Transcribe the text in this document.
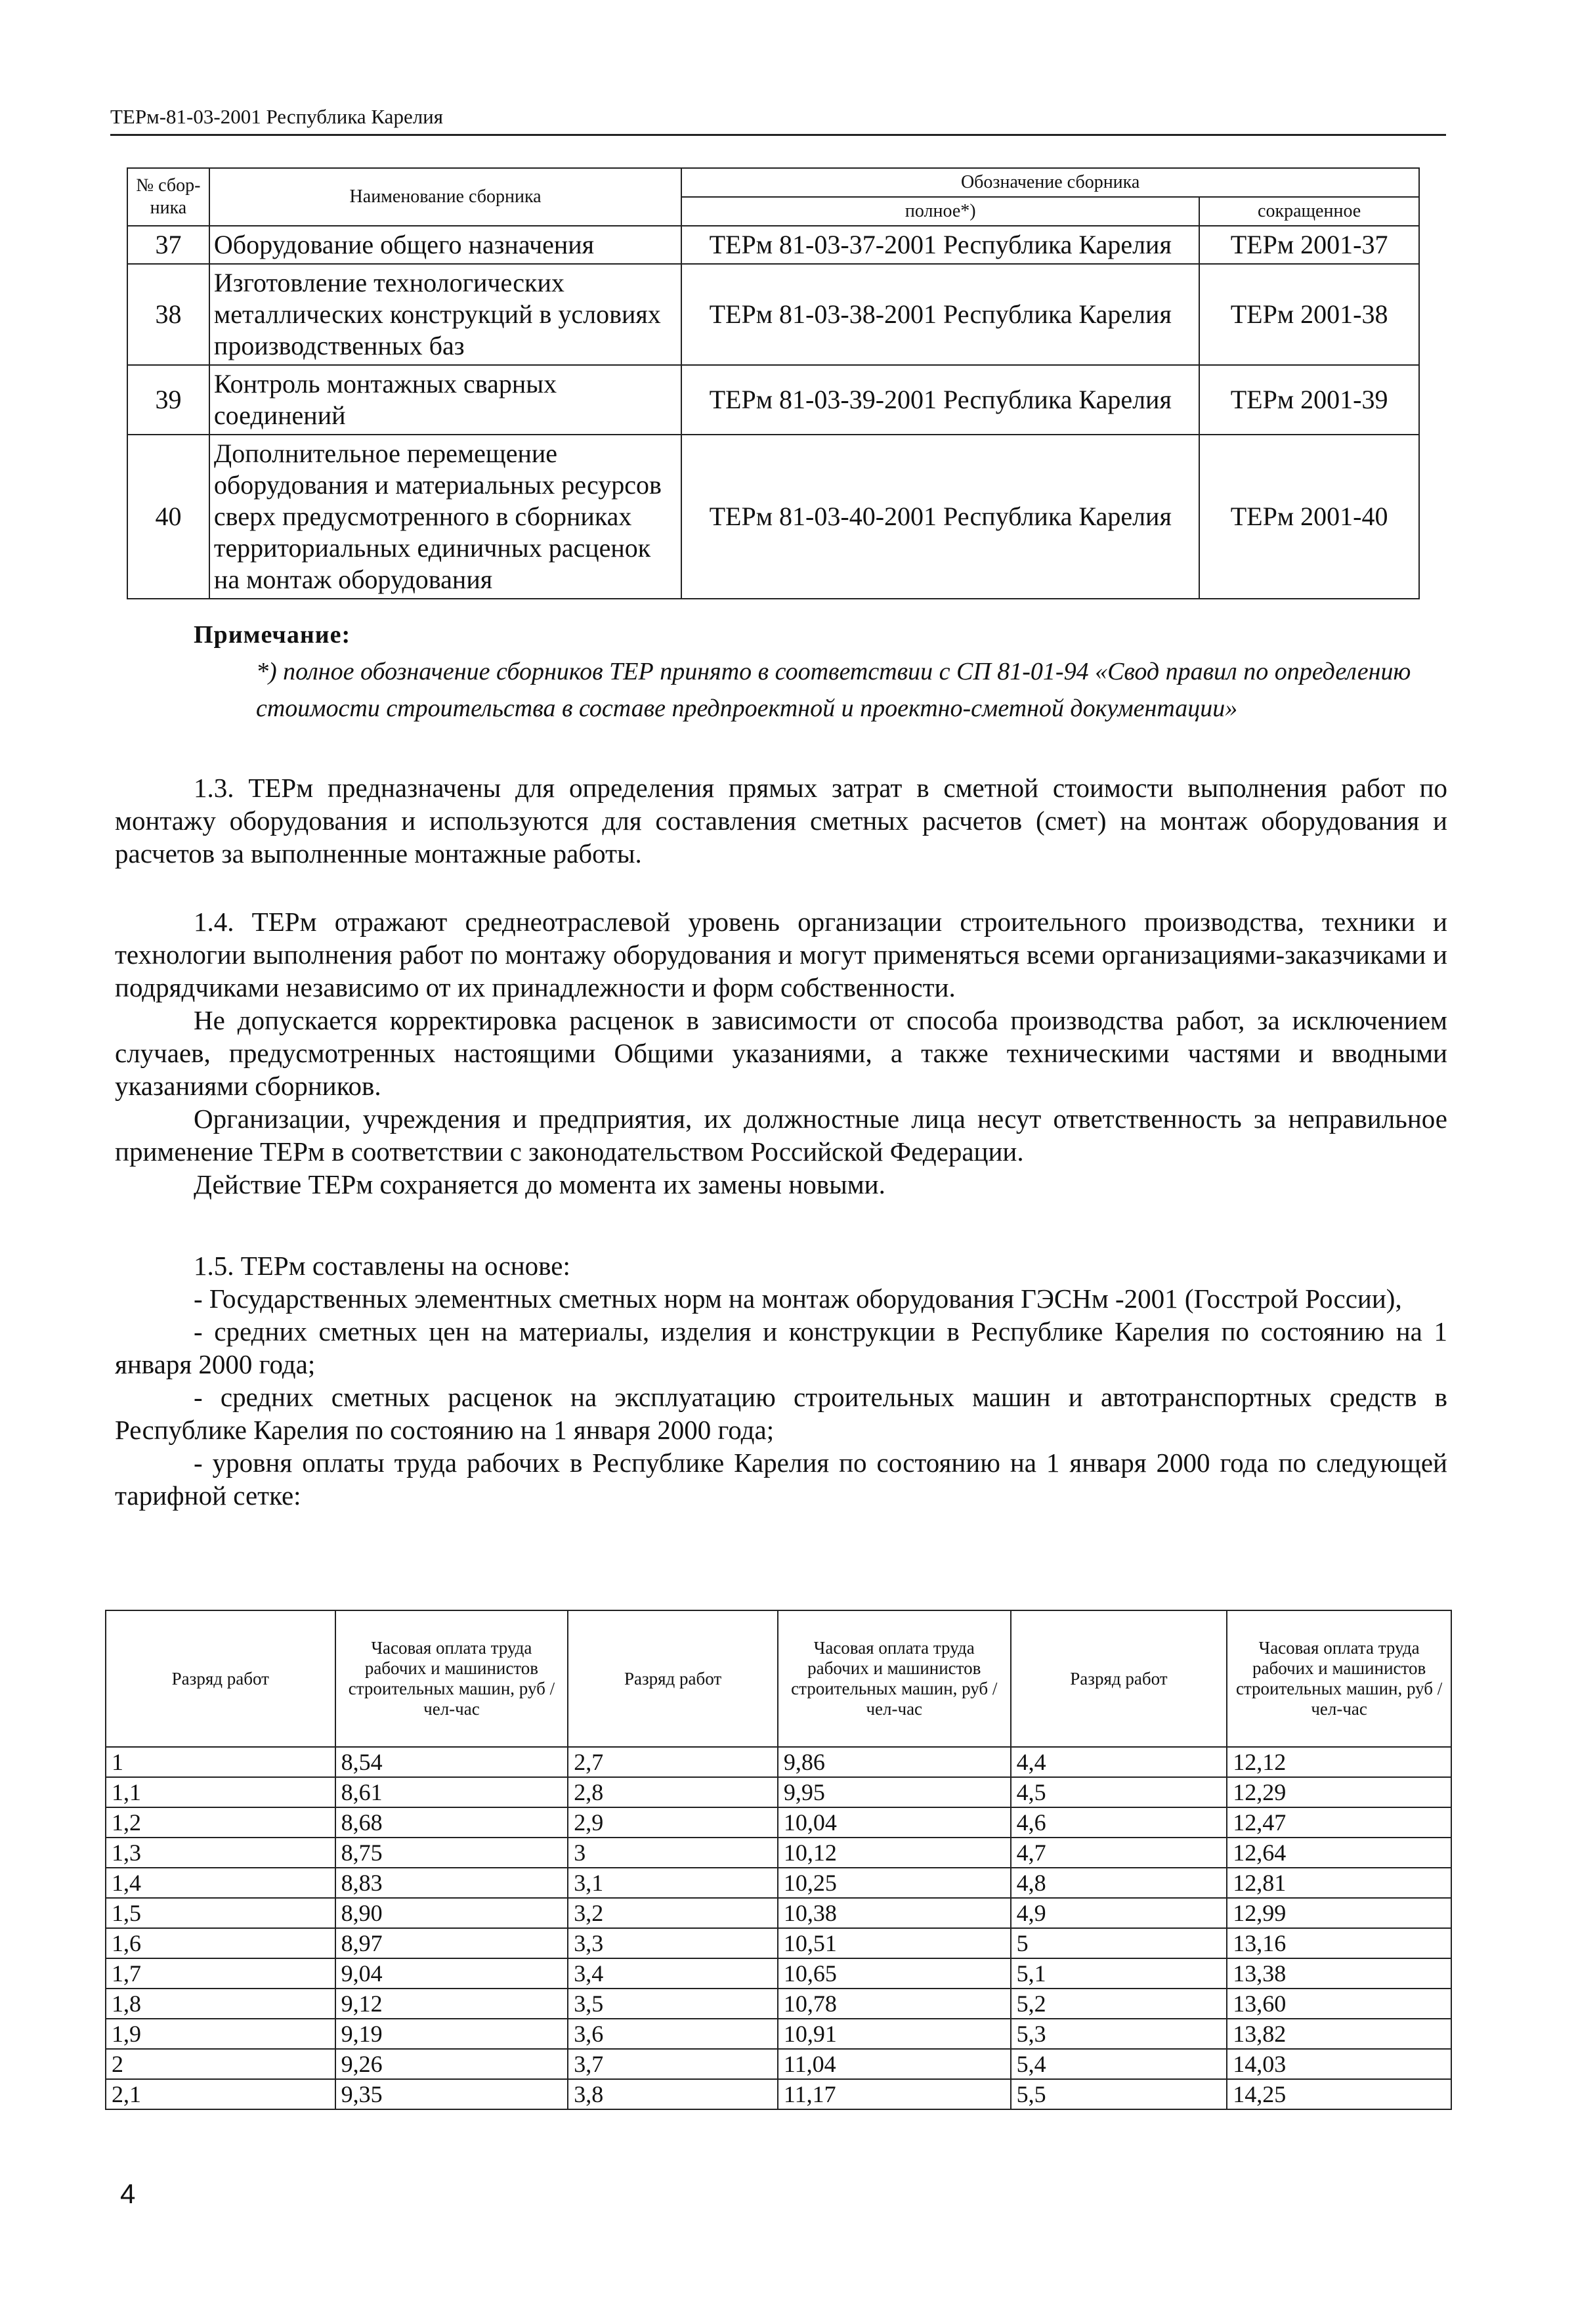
ТЕРм-81-03-2001 Республика Карелия
№ сбор-ника	Наименование сборника	Обозначение сборника	
		полное*)	сокращенное
37	Оборудование общего назначения	ТЕРм 81-03-37-2001 Республика Карелия	ТЕРм 2001-37
38	Изготовление технологических металлических конструкций в условиях производственных баз	ТЕРм 81-03-38-2001 Республика Карелия	ТЕРм 2001-38
39	Контроль монтажных сварных соединений	ТЕРм 81-03-39-2001 Республика Карелия	ТЕРм 2001-39
40	Дополнительное перемещение оборудования и материальных ресурсов сверх предусмотренного в сборниках территориальных единичных расценок на монтаж оборудования	ТЕРм 81-03-40-2001 Республика Карелия	ТЕРм 2001-40
Примечание:
*) полное обозначение сборников ТЕР принято в соответствии с СП 81-01-94 «Свод правил по определению стоимости строительства в составе предпроектной и проектно-сметной документации»

1.3. ТЕРм предназначены для определения прямых затрат в сметной стоимости выполнения работ по монтажу оборудования и используются для составления сметных расчетов (смет) на монтаж оборудования и расчетов за выполненные монтажные работы.

1.4. ТЕРм отражают среднеотраслевой уровень организации строительного производства, техники и технологии выполнения работ по монтажу оборудования и могут применяться всеми организациями-заказчиками и подрядчиками независимо от их принадлежности и форм собственности.

Не допускается корректировка расценок в зависимости от способа производства работ, за исключением случаев, предусмотренных настоящими Общими указаниями, а также техническими частями и вводными указаниями сборников.

Организации, учреждения и предприятия, их должностные лица несут ответственность за неправильное применение ТЕРм в соответствии с законодательством Российской Федерации.

Действие ТЕРм сохраняется до момента их замены новыми.

1.5. ТЕРм составлены на основе:

- Государственных элементных сметных норм на монтаж оборудования ГЭСНм -2001 (Госстрой России),

- средних сметных цен на материалы, изделия и конструкции в Республике Карелия по состоянию на 1 января 2000 года;

- средних сметных расценок на эксплуатацию строительных машин и автотранспортных средств в Республике Карелия по состоянию на 1 января 2000 года;

- уровня оплаты труда рабочих в Республике Карелия по состоянию на 1 января 2000 года по следующей тарифной сетке:

Разряд работ	Часовая оплата труда рабочих и машинистов строительных машин, руб /чел-час	Разряд работ	Часовая оплата труда рабочих и машинистов строительных машин, руб /чел-час	Разряд работ	Часовая оплата труда рабочих и машинистов строительных машин, руб /чел-час
1	8,54	2,7	9,86	4,4	12,12
1,1	8,61	2,8	9,95	4,5	12,29
1,2	8,68	2,9	10,04	4,6	12,47
1,3	8,75	3	10,12	4,7	12,64
1,4	8,83	3,1	10,25	4,8	12,81
1,5	8,90	3,2	10,38	4,9	12,99
1,6	8,97	3,3	10,51	5	13,16
1,7	9,04	3,4	10,65	5,1	13,38
1,8	9,12	3,5	10,78	5,2	13,60
1,9	9,19	3,6	10,91	5,3	13,82
2	9,26	3,7	11,04	5,4	14,03
2,1	9,35	3,8	11,17	5,5	14,25
4
